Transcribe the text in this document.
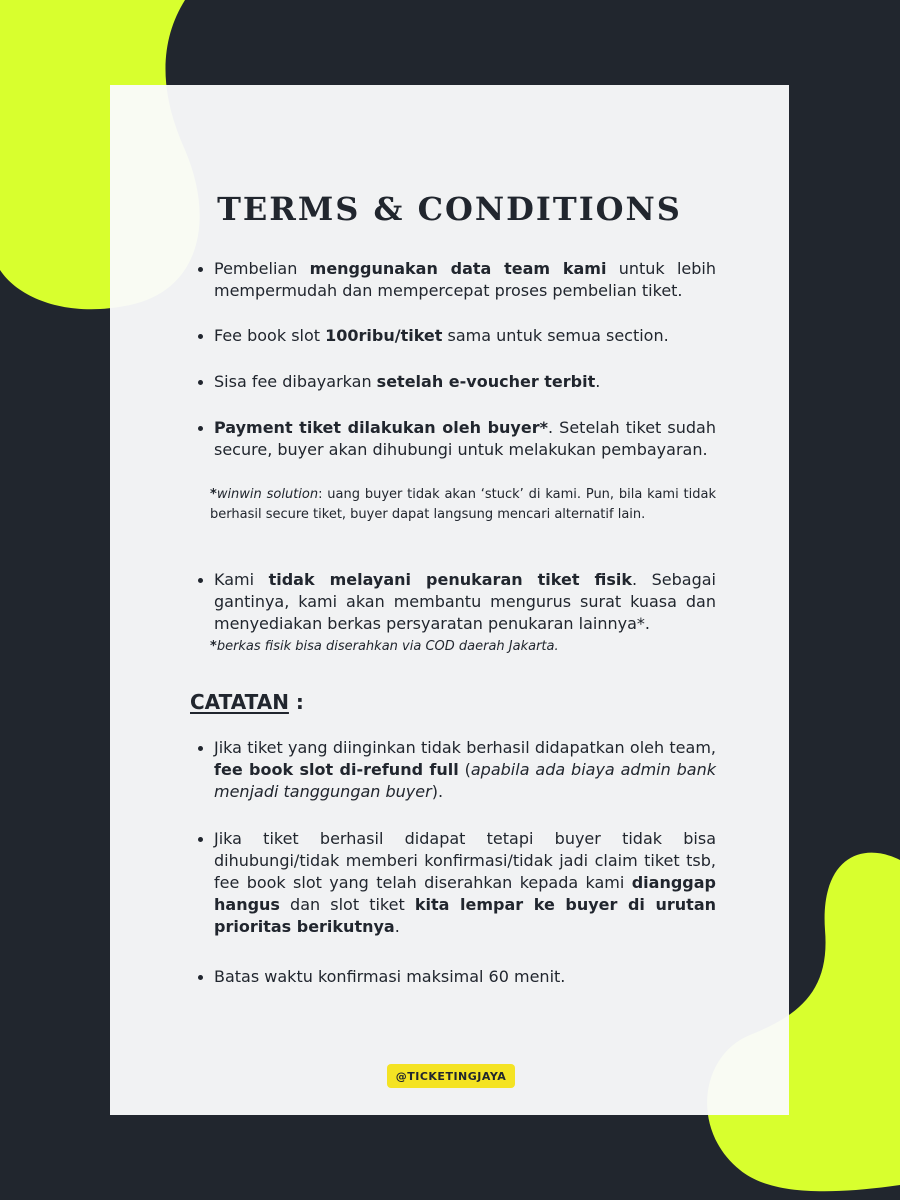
TERMS & CONDITIONS
Pembelian menggunakan data team kami untuk lebih mempermudah dan mempercepat proses pembelian tiket.
Fee book slot 100ribu/tiket sama untuk semua section.
Sisa fee dibayarkan setelah e-voucher terbit.
Payment tiket dilakukan oleh buyer*. Setelah tiket sudah secure, buyer akan dihubungi untuk melakukan pembayaran.
*winwin solution: uang buyer tidak akan ‘stuck’ di kami. Pun, bila kami tidak berhasil secure tiket, buyer dapat langsung mencari alternatif lain.
Kami tidak melayani penukaran tiket fisik. Sebagai gantinya, kami akan membantu mengurus surat kuasa dan menyediakan berkas persyaratan penukaran lainnya*.
*berkas fisik bisa diserahkan via COD daerah Jakarta.
CATATAN :
Jika tiket yang diinginkan tidak berhasil didapatkan oleh team, fee book slot di-refund full (apabila ada biaya admin bank menjadi tanggungan buyer).
Jika tiket berhasil didapat tetapi buyer tidak bisa dihubungi/tidak memberi konfirmasi/tidak jadi claim tiket tsb, fee book slot yang telah diserahkan kepada kami dianggap hangus dan slot tiket kita lempar ke buyer di urutan prioritas berikutnya.
Batas waktu konfirmasi maksimal 60 menit.
@TICKETINGJAYA
